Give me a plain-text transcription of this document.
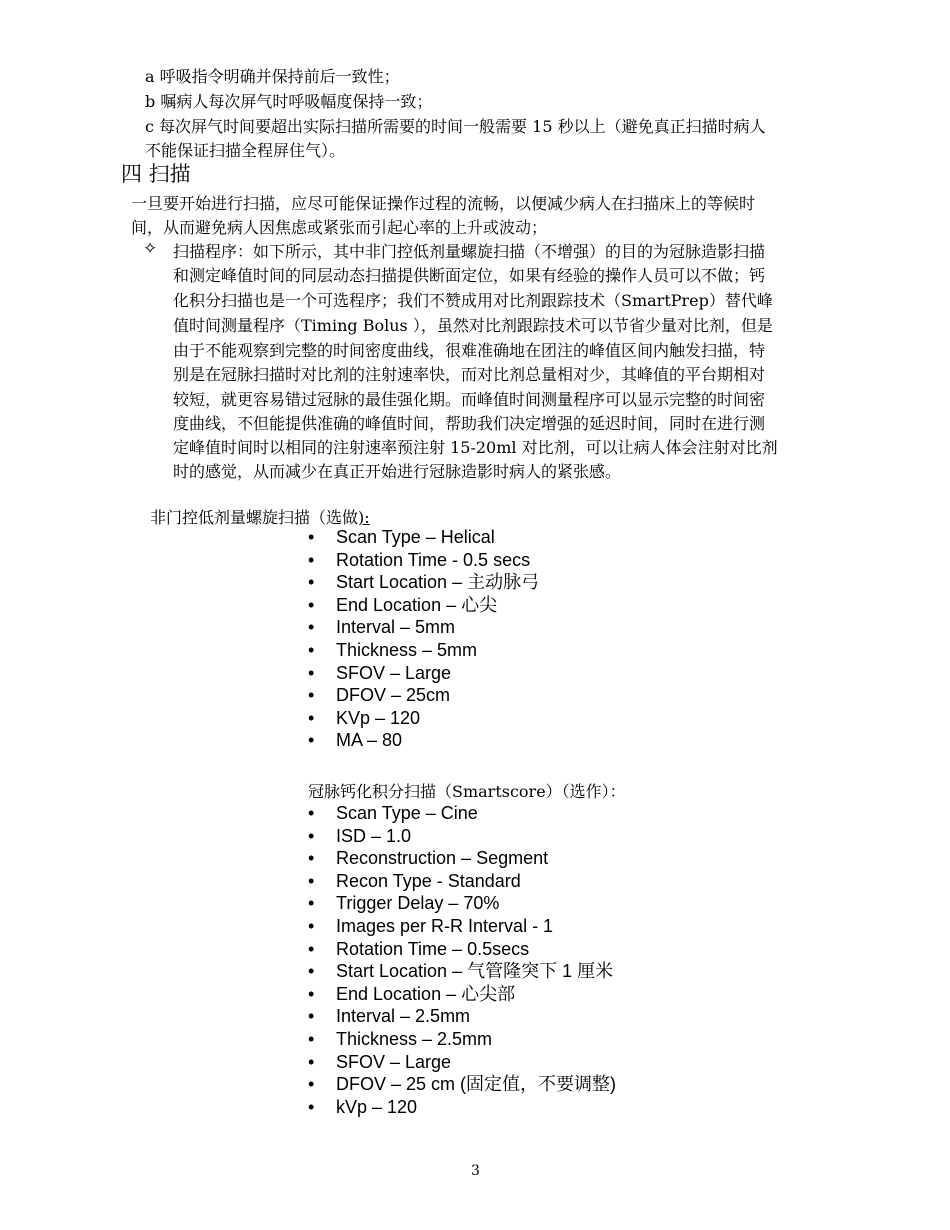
a 呼吸指令明确并保持前后一致性；
b 嘱病人每次屏气时呼吸幅度保持一致；
c 每次屏气时间要超出实际扫描所需要的时间一般需要 15 秒以上（避免真正扫描时病人
不能保证扫描全程屏住气）。
四 扫描
一旦要开始进行扫描，应尽可能保证操作过程的流畅，以便减少病人在扫描床上的等候时
间，从而避免病人因焦虑或紧张而引起心率的上升或波动；
✧ 扫描程序：如下所示，其中非门控低剂量螺旋扫描（不增强）的目的为冠脉造影扫描
和测定峰值时间的同层动态扫描提供断面定位，如果有经验的操作人员可以不做；钙
化积分扫描也是一个可选程序；我们不赞成用对比剂跟踪技术（SmartPrep）替代峰
值时间测量程序（Timing Bolus ），虽然对比剂跟踪技术可以节省少量对比剂，但是
由于不能观察到完整的时间密度曲线，很难准确地在团注的峰值区间内触发扫描，特
别是在冠脉扫描时对比剂的注射速率快，而对比剂总量相对少，其峰值的平台期相对
较短，就更容易错过冠脉的最佳强化期。而峰值时间测量程序可以显示完整的时间密
度曲线，不但能提供准确的峰值时间，帮助我们决定增强的延迟时间，同时在进行测
定峰值时间时以相同的注射速率预注射 15-20ml 对比剂，可以让病人体会注射对比剂
时的感觉，从而减少在真正开始进行冠脉造影时病人的紧张感。
非门控低剂量螺旋扫描（选做):
• Scan Type – Helical
• Rotation Time - 0.5 secs
• Start Location – 主动脉弓
• End Location – 心尖
• Interval – 5mm
• Thickness – 5mm
• SFOV – Large
• DFOV – 25cm
• KVp – 120
• MA – 80
冠脉钙化积分扫描（Smartscore）（选作）：
• Scan Type – Cine
• ISD – 1.0
• Reconstruction – Segment
• Recon Type - Standard
• Trigger Delay – 70%
• Images per R-R Interval - 1
• Rotation Time – 0.5secs
• Start Location – 气管隆突下 1 厘米
• End Location – 心尖部
• Interval – 2.5mm
• Thickness – 2.5mm
• SFOV – Large
• DFOV – 25 cm (固定值，不要调整)
• kVp – 120
3
